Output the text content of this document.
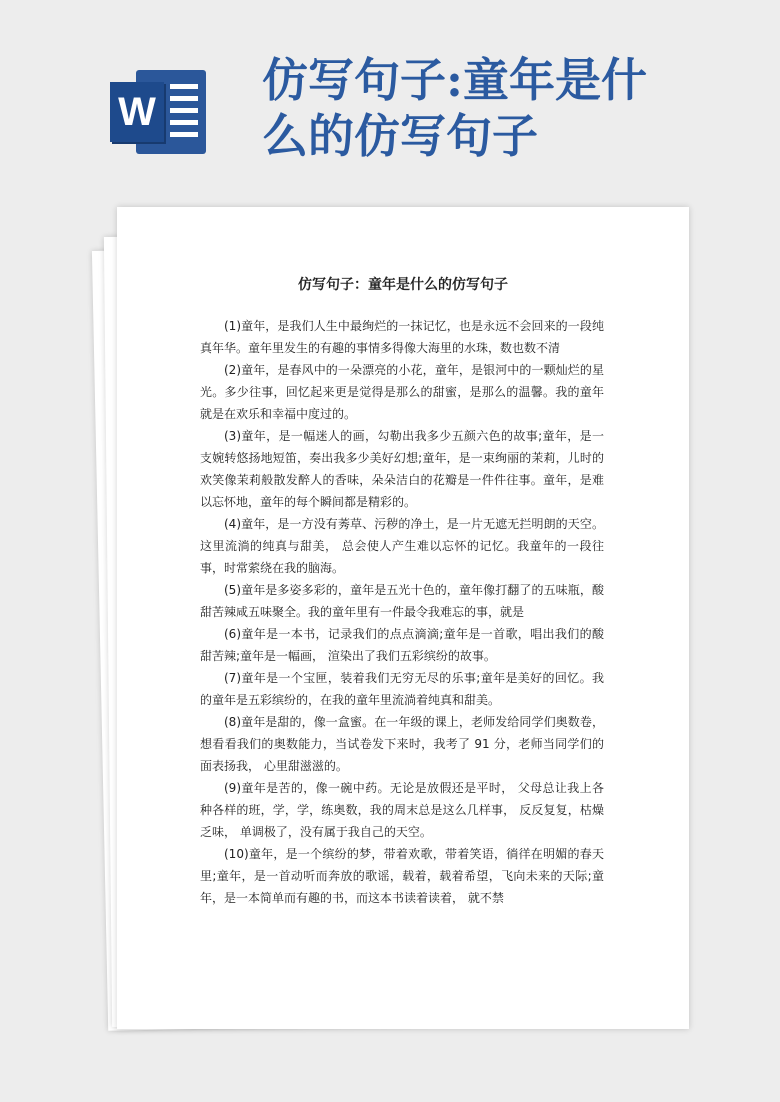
W
仿写句子:童年是什么的仿写句子
仿写句子：童年是什么的仿写句子

(1)童年，是我们人生中最绚烂的一抹记忆，也是永远不会回来的一段纯真年华。童年里发生的有趣的事情多得像大海里的水珠，数也数不清

(2)童年，是春风中的一朵漂亮的小花，童年，是银河中的一颗灿烂的星光。多少往事，回忆起来更是觉得是那么的甜蜜，是那么的温馨。我的童年就是在欢乐和幸福中度过的。

(3)童年，是一幅迷人的画，勾勒出我多少五颜六色的故事;童年，是一支婉转悠扬地短笛，奏出我多少美好幻想;童年，是一束绚丽的茉莉，儿时的欢笑像茉莉般散发醉人的香味，朵朵洁白的花瓣是一件件往事。童年，是难以忘怀地，童年的每个瞬间都是精彩的。

(4)童年，是一方没有莠草、污秽的净土，是一片无遮无拦明朗的天空。这里流淌的纯真与甜美， 总会使人产生难以忘怀的记忆。我童年的一段往事，时常萦绕在我的脑海。

(5)童年是多姿多彩的，童年是五光十色的，童年像打翻了的五味瓶，酸甜苦辣咸五味聚全。我的童年里有一件最令我难忘的事，就是

(6)童年是一本书，记录我们的点点滴滴;童年是一首歌，唱出我们的酸甜苦辣;童年是一幅画， 渲染出了我们五彩缤纷的故事。

(7)童年是一个宝匣，装着我们无穷无尽的乐事;童年是美好的回忆。我的童年是五彩缤纷的，在我的童年里流淌着纯真和甜美。

(8)童年是甜的，像一盒蜜。在一年级的课上，老师发给同学们奥数卷，想看看我们的奥数能力，当试卷发下来时，我考了 91 分，老师当同学们的面表扬我， 心里甜滋滋的。

(9)童年是苦的，像一碗中药。无论是放假还是平时， 父母总让我上各种各样的班，学，学，练奥数，我的周末总是这么几样事， 反反复复，枯燥乏味， 单调极了，没有属于我自己的天空。

(10)童年，是一个缤纷的梦，带着欢歌，带着笑语，徜徉在明媚的春天里;童年，是一首动听而奔放的歌谣，载着，载着希望，飞向未来的天际;童年，是一本简单而有趣的书，而这本书读着读着， 就不禁
